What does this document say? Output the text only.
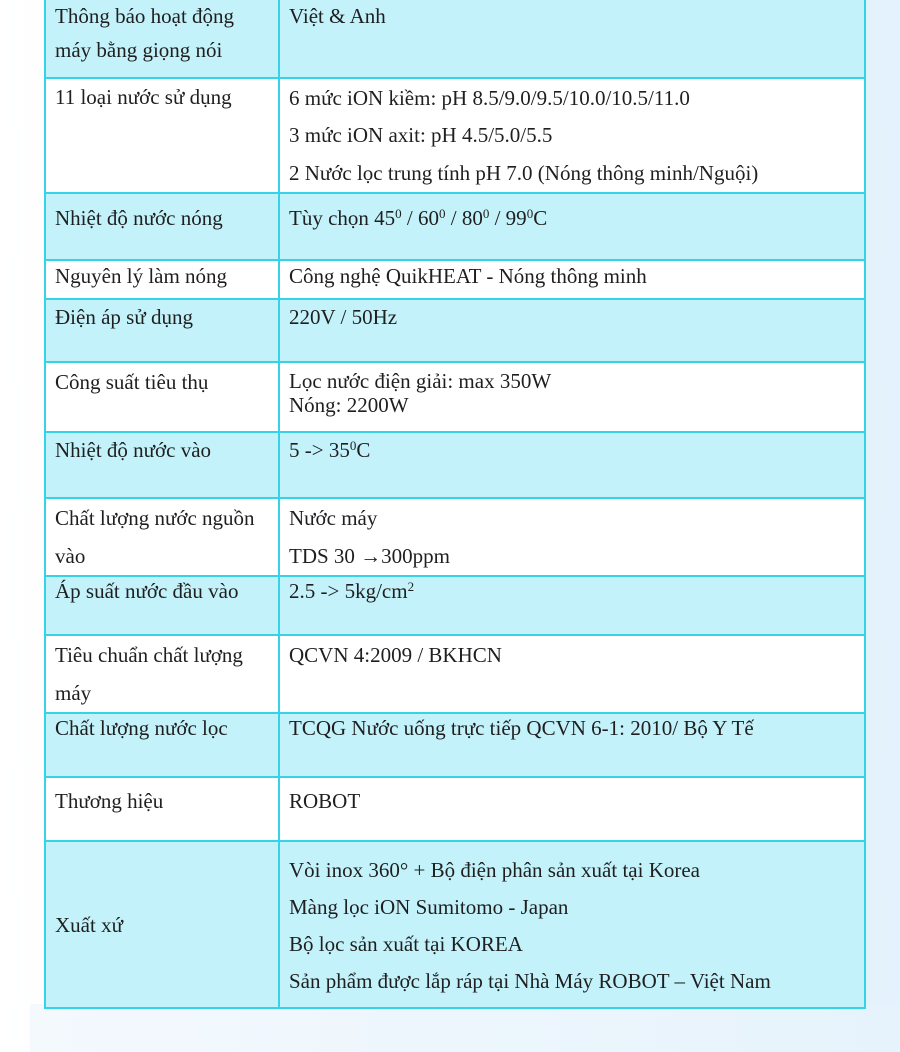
Thông báo hoạt động máy bằng giọng nói	Việt & Anh

11 loại nước sử dụng	6 mức iON kiềm: pH 8.5/9.0/9.5/10.0/10.5/11.0
3 mức iON axit: pH 4.5/5.0/5.5
2 Nước lọc trung tính pH 7.0 (Nóng thông minh/Nguội)

Nhiệt độ nước nóng	Tùy chọn $45^0 / 60^0 / 80^0 / 99^0C$
Nguyên lý làm nóng	Công nghệ QuikHEAT - Nóng thông minh

Điện áp sử dụng	220V / 50Hz

Công suất tiêu thụ	Lọc nước điện giải: max 350W
Nóng: 2200W

Nhiệt độ nước vào	$5 -> 35^0C$
Chất lượng nước nguồn vào	Nước máy
TDS 30 →300ppm

Áp suất nước đầu vào	$2.5 -> 5kg/cm^2$
Tiêu chuẩn chất lượng máy	QCVN 4:2009 / BKHCN

Chất lượng nước lọc	TCQG Nước uống trực tiếp QCVN 6-1: 2010/ Bộ Y Tế

Thương hiệu	ROBOT

Xuất xứ	Vòi inox 360° + Bộ điện phân sản xuất tại Korea
Màng lọc iON Sumitomo - Japan
Bộ lọc sản xuất tại KOREA
Sản phẩm được lắp ráp tại Nhà Máy ROBOT – Việt Nam
